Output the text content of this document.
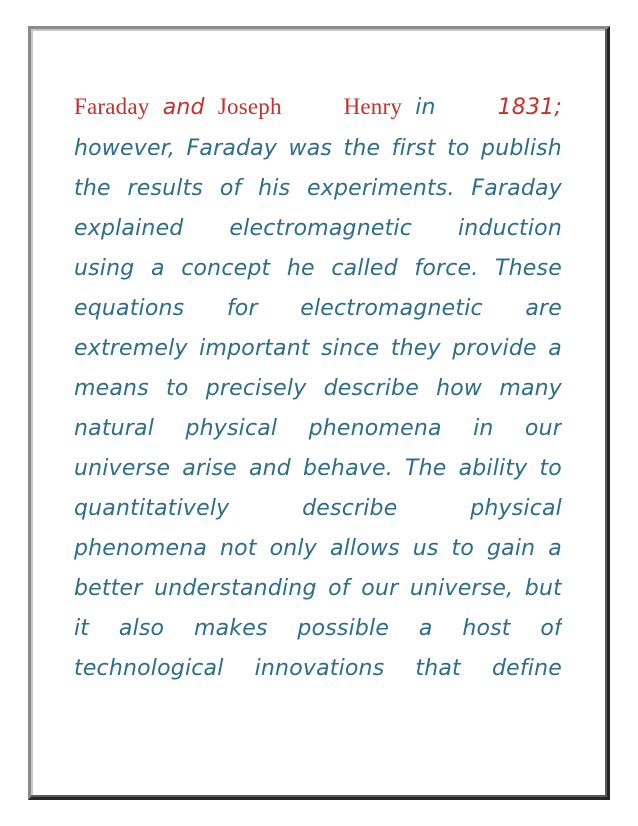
Faraday and Joseph	Henry in	1831;
however, Faraday was the first to publish
the results of his experiments. Faraday
explained electromagnetic induction
using a concept he called force. These
equations for electromagnetic are
extremely important since they provide a
means to precisely describe how many
natural physical phenomena in our
universe arise and behave. The ability to
quantitatively	describe	physical
phenomena not only allows us to gain a
better understanding of our universe, but
it also makes possible a host of
technological innovations that define
